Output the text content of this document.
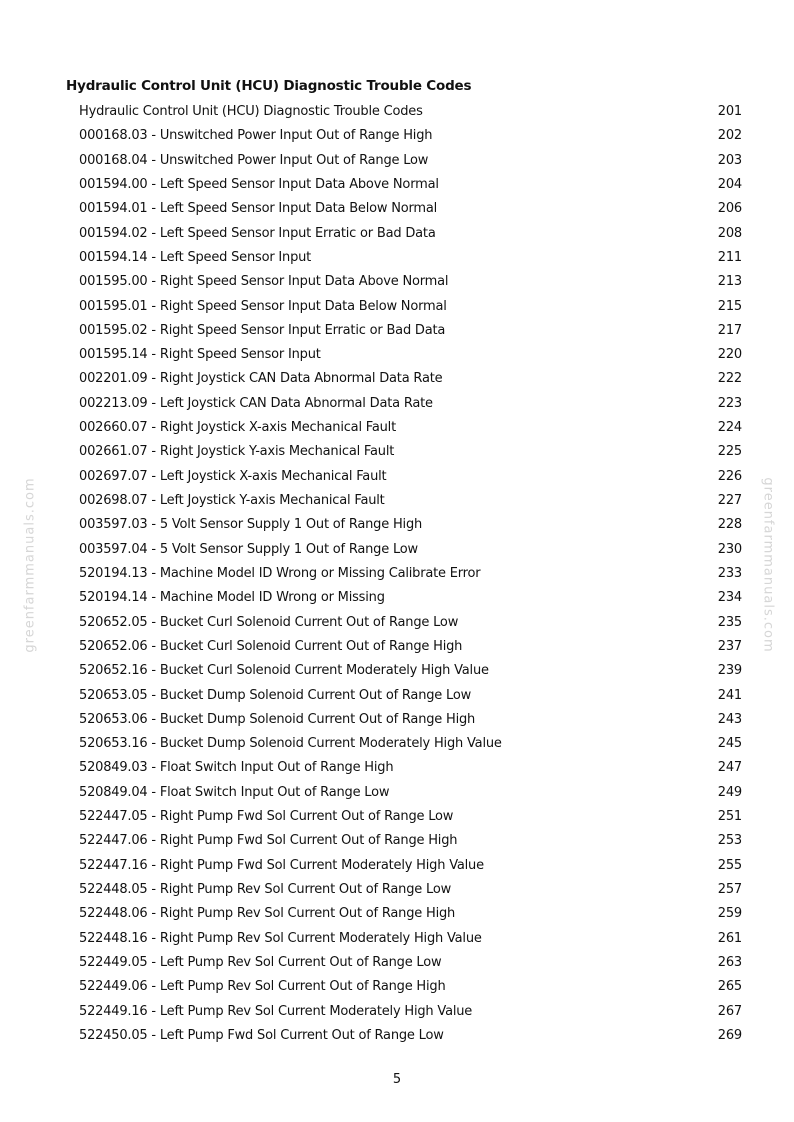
Hydraulic Control Unit (HCU) Diagnostic Trouble Codes
Hydraulic Control Unit (HCU) Diagnostic Trouble Codes	201
000168.03 - Unswitched Power Input Out of Range High	202
000168.04 - Unswitched Power Input Out of Range Low	203
001594.00 - Left Speed Sensor Input Data Above Normal	204
001594.01 - Left Speed Sensor Input Data Below Normal	206
001594.02 - Left Speed Sensor Input Erratic or Bad Data	208
001594.14 - Left Speed Sensor Input	211
001595.00 - Right Speed Sensor Input Data Above Normal	213
001595.01 - Right Speed Sensor Input Data Below Normal	215
001595.02 - Right Speed Sensor Input Erratic or Bad Data	217
001595.14 - Right Speed Sensor Input	220
002201.09 - Right Joystick CAN Data Abnormal Data Rate	222
002213.09 - Left Joystick CAN Data Abnormal Data Rate	223
002660.07 - Right Joystick X-axis Mechanical Fault	224
002661.07 - Right Joystick Y-axis Mechanical Fault	225
002697.07 - Left Joystick X-axis Mechanical Fault	226
002698.07 - Left Joystick Y-axis Mechanical Fault	227
003597.03 - 5 Volt Sensor Supply 1 Out of Range High	228
003597.04 - 5 Volt Sensor Supply 1 Out of Range Low	230
520194.13 - Machine Model ID Wrong or Missing Calibrate Error	233
520194.14 - Machine Model ID Wrong or Missing	234
520652.05 - Bucket Curl Solenoid Current Out of Range Low	235
520652.06 - Bucket Curl Solenoid Current Out of Range High	237
520652.16 - Bucket Curl Solenoid Current Moderately High Value	239
520653.05 - Bucket Dump Solenoid Current Out of Range Low	241
520653.06 - Bucket Dump Solenoid Current Out of Range High	243
520653.16 - Bucket Dump Solenoid Current Moderately High Value	245
520849.03 - Float Switch Input Out of Range High	247
520849.04 - Float Switch Input Out of Range Low	249
522447.05 - Right Pump Fwd Sol Current Out of Range Low	251
522447.06 - Right Pump Fwd Sol Current Out of Range High	253
522447.16 - Right Pump Fwd Sol Current Moderately High Value	255
522448.05 - Right Pump Rev Sol Current Out of Range Low	257
522448.06 - Right Pump Rev Sol Current Out of Range High	259
522448.16 - Right Pump Rev Sol Current Moderately High Value	261
522449.05 - Left Pump Rev Sol Current Out of Range Low	263
522449.06 - Left Pump Rev Sol Current Out of Range High	265
522449.16 - Left Pump Rev Sol Current Moderately High Value	267
522450.05 - Left Pump Fwd Sol Current Out of Range Low	269
5
greenfarmmanuals.com	greenfarmmanuals.com
